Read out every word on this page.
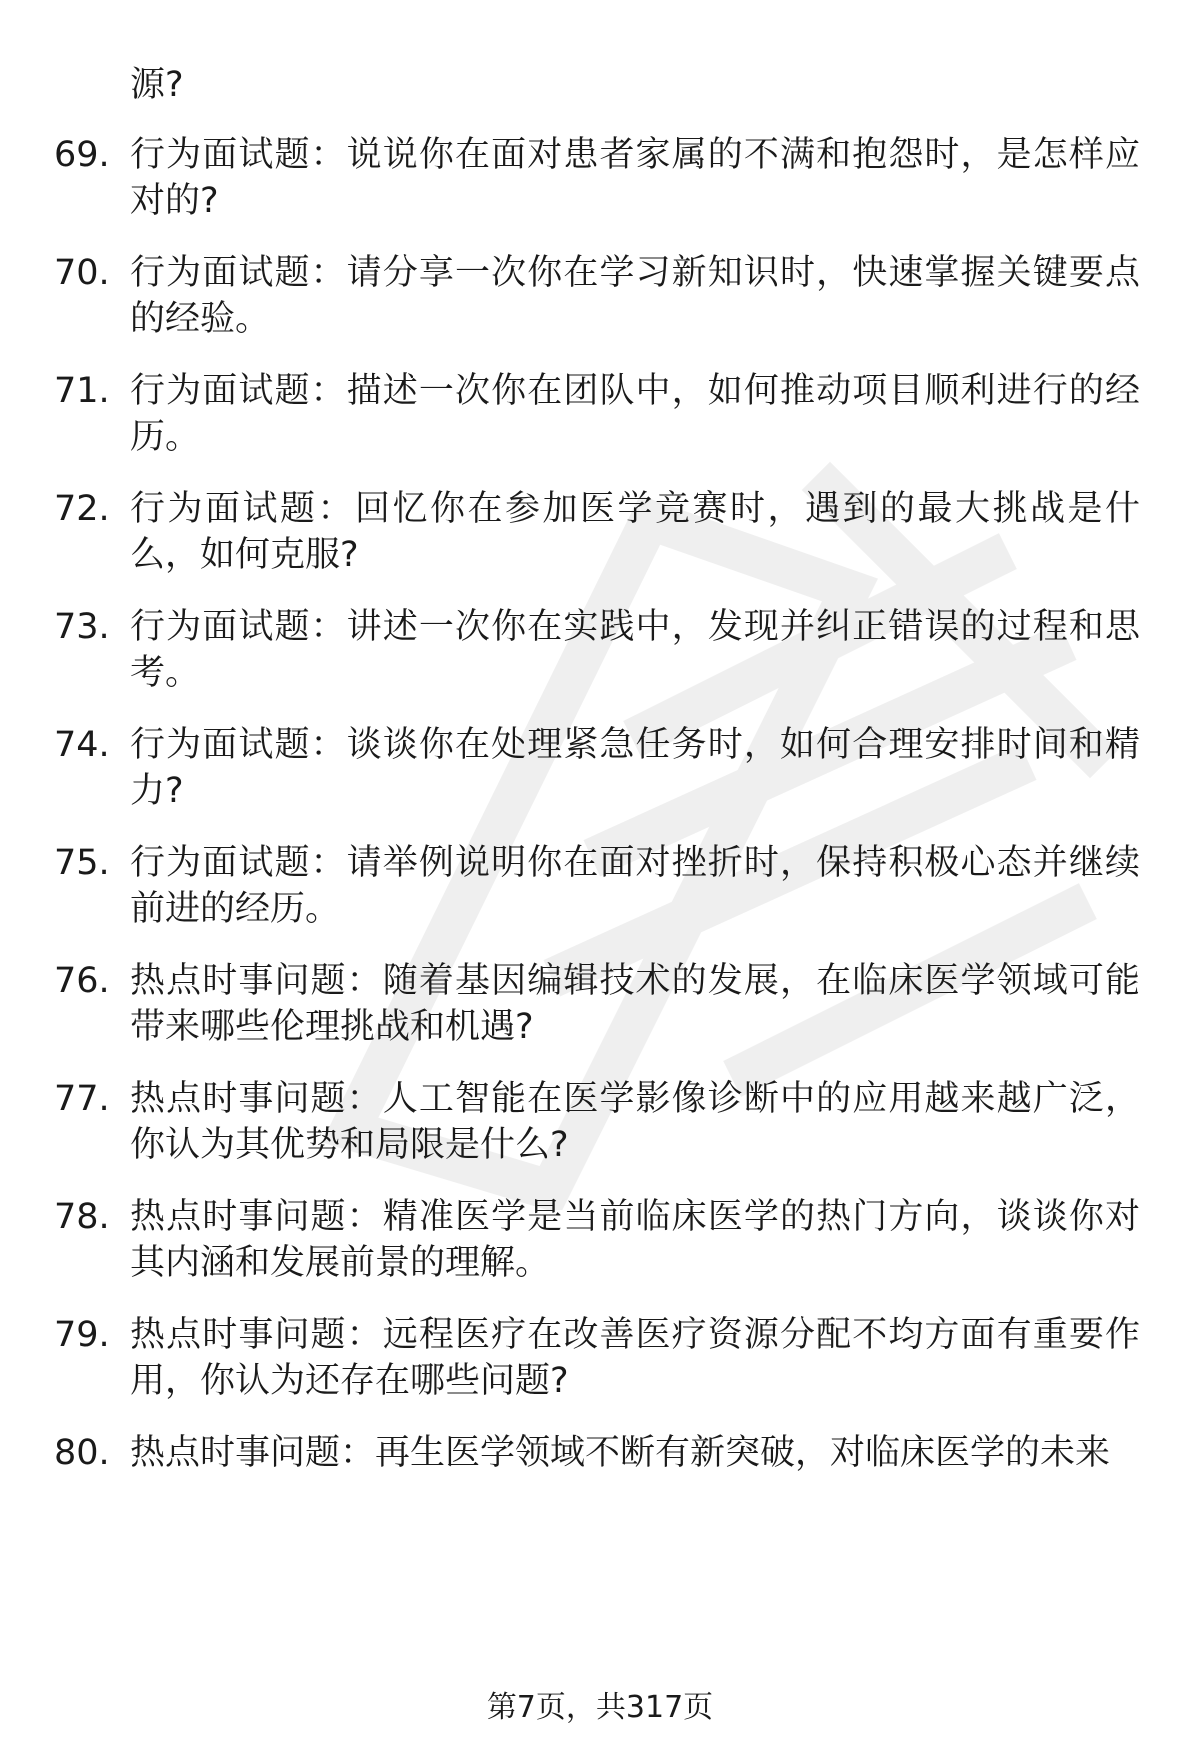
源?

69. 行为面试题：说说你在面对患者家属的不满和抱怨时，是怎样应对的?
70. 行为面试题：请分享一次你在学习新知识时，快速掌握关键要点的经验。
71. 行为面试题：描述一次你在团队中，如何推动项目顺利进行的经历。
72. 行为面试题：回忆你在参加医学竞赛时，遇到的最大挑战是什么，如何克服?
73. 行为面试题：讲述一次你在实践中，发现并纠正错误的过程和思考。
74. 行为面试题：谈谈你在处理紧急任务时，如何合理安排时间和精力?
75. 行为面试题：请举例说明你在面对挫折时，保持积极心态并继续前进的经历。
76. 热点时事问题：随着基因编辑技术的发展，在临床医学领域可能带来哪些伦理挑战和机遇?
77. 热点时事问题：人工智能在医学影像诊断中的应用越来越广泛，你认为其优势和局限是什么?
78. 热点时事问题：精准医学是当前临床医学的热门方向，谈谈你对其内涵和发展前景的理解。
79. 热点时事问题：远程医疗在改善医疗资源分配不均方面有重要作用，你认为还存在哪些问题?
80. 热点时事问题：再生医学领域不断有新突破，对临床医学的未来
第7页，共317页
